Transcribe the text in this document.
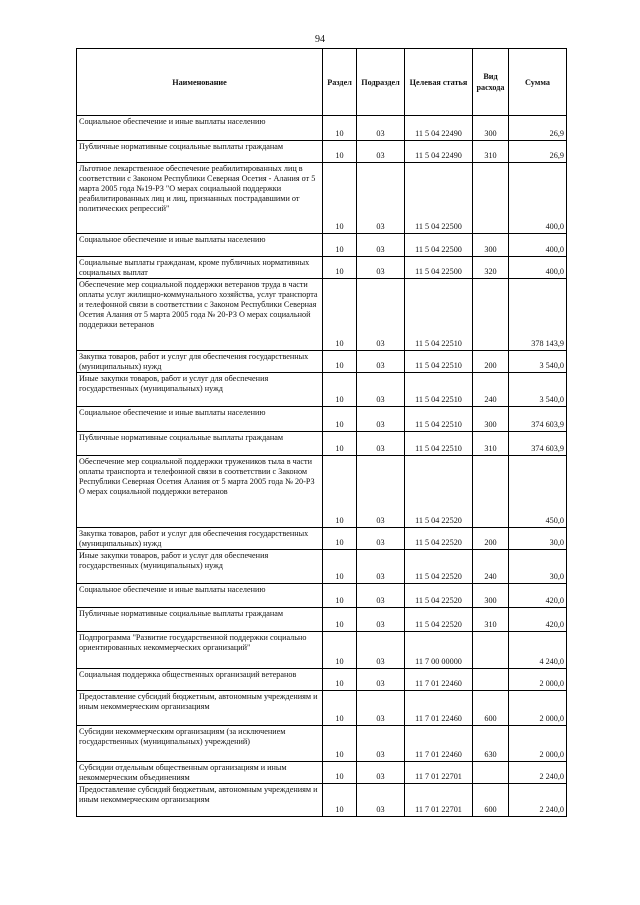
94
Наименование	Раздел	Подраздел	Целевая статья	Вид расхода	Сумма
Социальное обеспечение и иные выплаты населению	10	03	11 5 04 22490	300	26,9
Публичные нормативные социальные выплаты гражданам	10	03	11 5 04 22490	310	26,9
Льготное лекарственное обеспечение реабилитированных лиц в соответствии с Законом Республики Северная Осетия - Алания от 5 марта 2005 года №19-РЗ "О мерах социальной поддержки реабилитированных лиц и лиц, признанных пострадавшими от политических репрессий"	10	03	11 5 04 22500		400,0
Социальное обеспечение и иные выплаты населению	10	03	11 5 04 22500	300	400,0
Социальные выплаты гражданам, кроме публичных нормативных социальных выплат	10	03	11 5 04 22500	320	400,0
Обеспечение мер социальной поддержки ветеранов труда в части оплаты услуг жилищно-коммунального хозяйства, услуг транспорта и телефонной связи в соответствии с Законом Республики Северная Осетия Алания от 5 марта 2005 года № 20-РЗ О мерах социальной поддержки ветеранов	10	03	11 5 04 22510		378 143,9
Закупка товаров, работ и услуг для обеспечения государственных (муниципальных) нужд	10	03	11 5 04 22510	200	3 540,0
Иные закупки товаров, работ и услуг для обеспечения государственных (муниципальных) нужд	10	03	11 5 04 22510	240	3 540,0
Социальное обеспечение и иные выплаты населению	10	03	11 5 04 22510	300	374 603,9
Публичные нормативные социальные выплаты гражданам	10	03	11 5 04 22510	310	374 603,9
Обеспечение мер социальной поддержки тружеников тыла в части оплаты транспорта и телефонной связи в соответствии с Законом Республики Северная Осетия Алания от 5 марта 2005 года № 20-РЗ О мерах социальной поддержки ветеранов	10	03	11 5 04 22520		450,0
Закупка товаров, работ и услуг для обеспечения государственных (муниципальных) нужд	10	03	11 5 04 22520	200	30,0
Иные закупки товаров, работ и услуг для обеспечения государственных (муниципальных) нужд	10	03	11 5 04 22520	240	30,0
Социальное обеспечение и иные выплаты населению	10	03	11 5 04 22520	300	420,0
Публичные нормативные социальные выплаты гражданам	10	03	11 5 04 22520	310	420,0
Подпрограмма "Развитие государственной поддержки социально ориентированных некоммерческих организаций"	10	03	11 7 00 00000		4 240,0
Социальная поддержка общественных организаций ветеранов	10	03	11 7 01 22460		2 000,0
Предоставление субсидий бюджетным, автономным учреждениям и иным некоммерческим организациям	10	03	11 7 01 22460	600	2 000,0
Субсидии некоммерческим организациям (за исключением государственных (муниципальных) учреждений)	10	03	11 7 01 22460	630	2 000,0
Субсидии отдельным общественным организациям и иным некоммерческим объединениям	10	03	11 7 01 22701		2 240,0
Предоставление субсидий бюджетным, автономным учреждениям и иным некоммерческим организациям	10	03	11 7 01 22701	600	2 240,0
